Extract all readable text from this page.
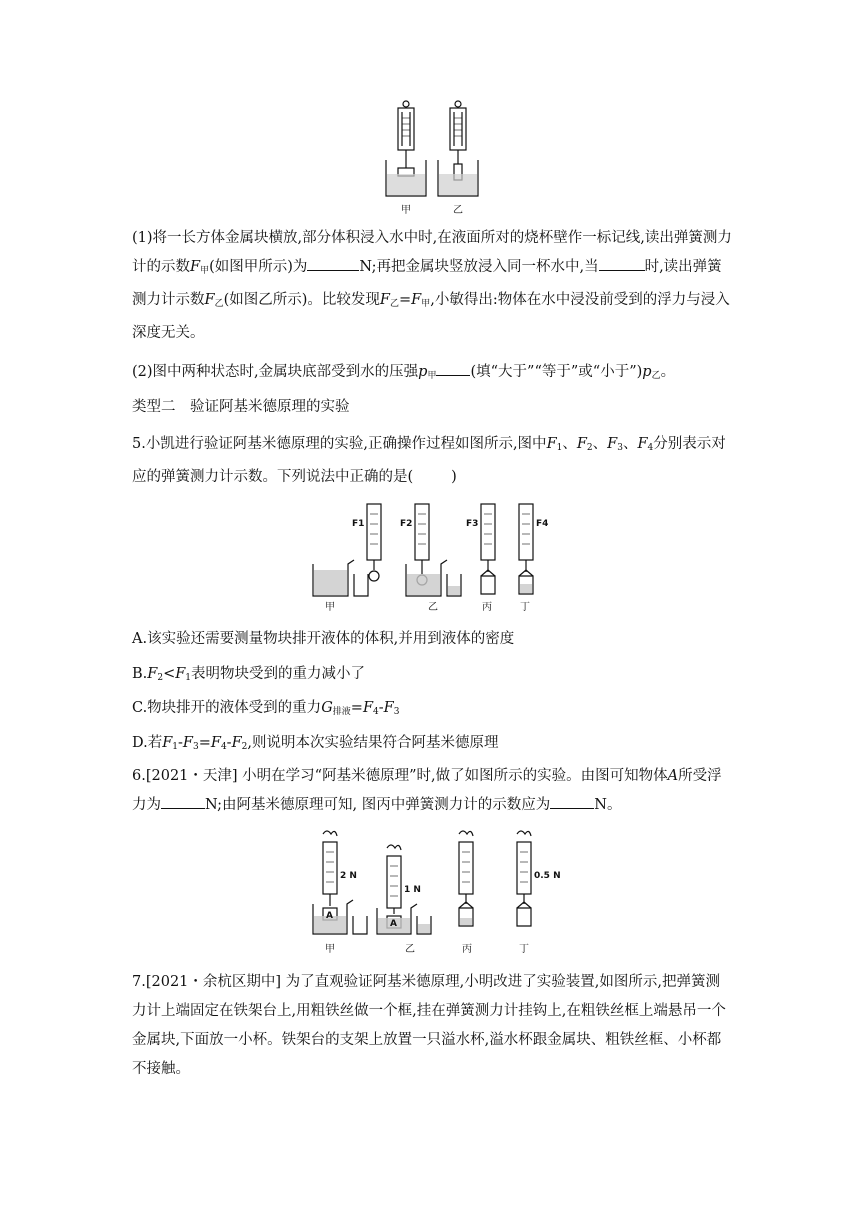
甲	乙
(1)将一长方体金属块横放,部分体积浸入水中时,在液面所对的烧杯壁作一标记线,读出弹簧测力计的示数$F_甲$(如图甲所示)为	N;再把金属块竖放浸入同一杯水中,当	时,读出弹簧测力计示数$F_乙$(如图乙所示)。比较发现$F_乙=F_甲$,小敏得出:物体在水中浸没前受到的浮力与浸入深度无关。
(2)图中两种状态时,金属块底部受到水的压强$p_甲$ (填“大于”“等于”或“小于$”)p_乙$。
类型二　验证阿基米德原理的实验
5.小凯进行验证阿基米德原理的实验,正确操作过程如图所示,图中$F_1$、$F_2$、$F_3$、$F_4$分别表示对应的弹簧测力计示数。下列说法中正确的是(	)
F1	F2	F3	F4
甲	乙	丙	丁
A.该实验还需要测量物块排开液体的体积,并用到液体的密度
$B.F_2<F_1$表明物块受到的重力减小了
C.物块排开的液体受到的重力$G_{排液}=F_4-F_3$
D.若$F_1-F_3=F_4-F_2$,则说明本次实验结果符合阿基米德原理
6.[2021・天津] 小明在学习“阿基米德原理”时,做了如图所示的实验。由图可知物体A所受浮力为	N;由阿基米德原理可知, 图丙中弹簧测力计的示数应为	N。
2 N
1 N
0.5 N
A
A
甲	乙	丙	丁
7.[2021・余杭区期中] 为了直观验证阿基米德原理,小明改进了实验装置,如图所示,把弹簧测力计上端固定在铁架台上,用粗铁丝做一个框,挂在弹簧测力计挂钩上,在粗铁丝框上端悬吊一个金属块,下面放一小杯。铁架台的支架上放置一只溢水杯,溢水杯跟金属块、粗铁丝框、小杯都不接触。
